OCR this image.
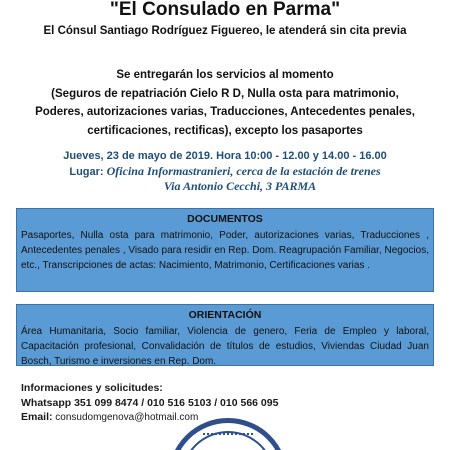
"El Consulado en Parma"
El Cónsul Santiago Rodríguez Figuereo, le atenderá sin cita previa
Se entregarán los servicios al momento
(Seguros de repatriación Cielo R D, Nulla osta para matrimonio,
Poderes, autorizaciones varias, Traducciones, Antecedentes penales,
certificaciones, rectificas), excepto los pasaportes
Jueves, 23 de mayo de 2019. Hora 10:00 - 12.00 y 14.00 - 16.00
Lugar: Oficina Informastranieri, cerca de la estación de trenes
Via Antonio Cecchi, 3 PARMA
DOCUMENTOS
Pasaportes, Nulla osta para matrimonio, Poder, autorizaciones varias, Traducciones , Antecedentes penales , Visado para residir en Rep. Dom. Reagrupación Familiar, Negocios, etc., Transcripciones de actas: Nacimiento, Matrimonio, Certificaciones varias .
ORIENTACIÓN
Área Humanitaria, Socio familiar, Violencia de genero, Feria de Empleo y laboral, Capacitación profesional, Convalidación de títulos de estudios, Viviendas Ciudad Juan Bosch, Turismo e inversiones en Rep. Dom.
Informaciones y solicitudes:
Whatsapp 351 099 8474 / 010 516 5103 / 010 566 095
Email: consudomgenova@hotmail.com
